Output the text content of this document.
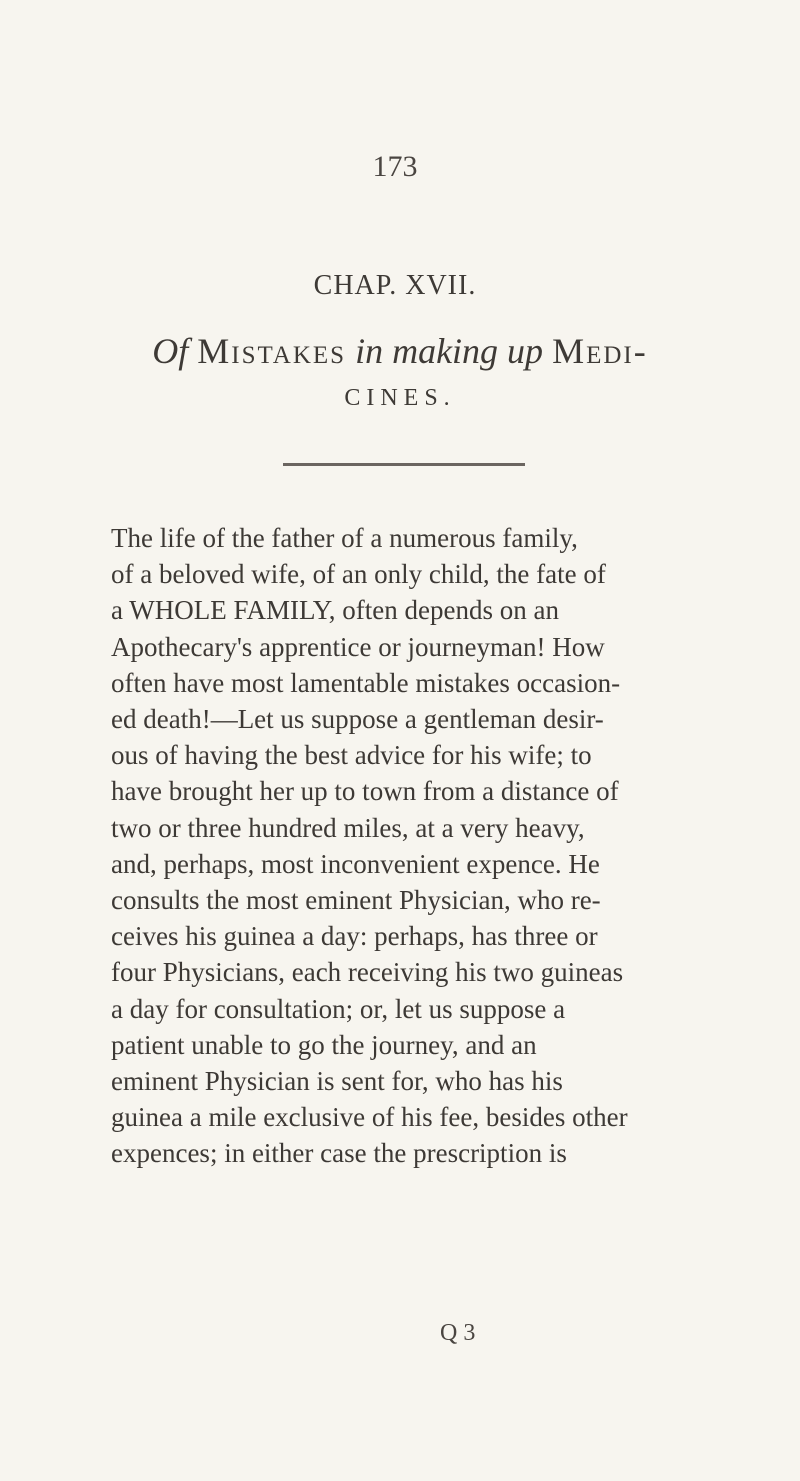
173
CHAP. XVII.
Of Mistakes in making up Medi-
CINES.
The life of the father of a numerous family,
of a beloved wife, of an only child, the fate of
a WHOLE FAMILY, often depends on an
Apothecary's apprentice or journeyman! How
often have most lamentable mistakes occasion-
ed death!—Let us suppose a gentleman desir-
ous of having the best advice for his wife; to
have brought her up to town from a distance of
two or three hundred miles, at a very heavy,
and, perhaps, most inconvenient expence. He
consults the most eminent Physician, who re-
ceives his guinea a day: perhaps, has three or
four Physicians, each receiving his two guineas
a day for consultation; or, let us suppose a
patient unable to go the journey, and an
eminent Physician is sent for, who has his
guinea a mile exclusive of his fee, besides other
expences; in either case the prescription is
Q 3
